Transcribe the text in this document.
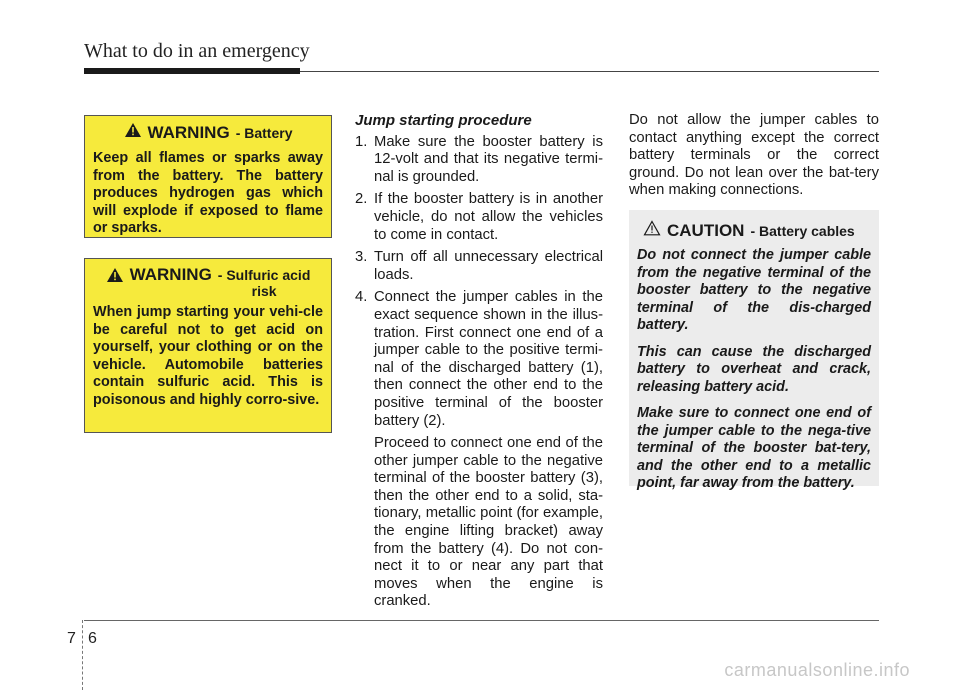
What to do in an emergency
WARNING - Battery
Keep all flames or sparks away from the battery. The battery produces hydrogen gas which will explode if exposed to flame or sparks.
WARNING - Sulfuric acid
risk
When jump starting your vehi-cle be careful not to get acid on yourself, your clothing or on the vehicle. Automobile batteries contain sulfuric acid. This is poisonous and highly corro-sive.
Jump starting procedure
1. Make sure the booster battery is 12-volt and that its negative termi-nal is grounded.
2. If the booster battery is in another vehicle, do not allow the vehicles to come in contact.
3. Turn off all unnecessary electrical loads.
4. Connect the jumper cables in the exact sequence shown in the illus-tration. First connect one end of a jumper cable to the positive termi-nal of the discharged battery (1), then connect the other end to the positive terminal of the booster battery (2).
Proceed to connect one end of the other jumper cable to the negative terminal of the booster battery (3), then the other end to a solid, sta-tionary, metallic point (for example, the engine lifting bracket) away from the battery (4). Do not con-nect it to or near any part that moves when the engine is cranked.
Do not allow the jumper cables to contact anything except the correct battery terminals or the correct ground. Do not lean over the bat-tery when making connections.
CAUTION - Battery cables

Do not connect the jumper cable from the negative terminal of the booster battery to the negative terminal of the dis-charged battery.

This can cause the discharged battery to overheat and crack, releasing battery acid.

Make sure to connect one end of the jumper cable to the nega-tive terminal of the booster bat-tery, and the other end to a metallic point, far away from the battery.

7 6
carmanualsonline.info
